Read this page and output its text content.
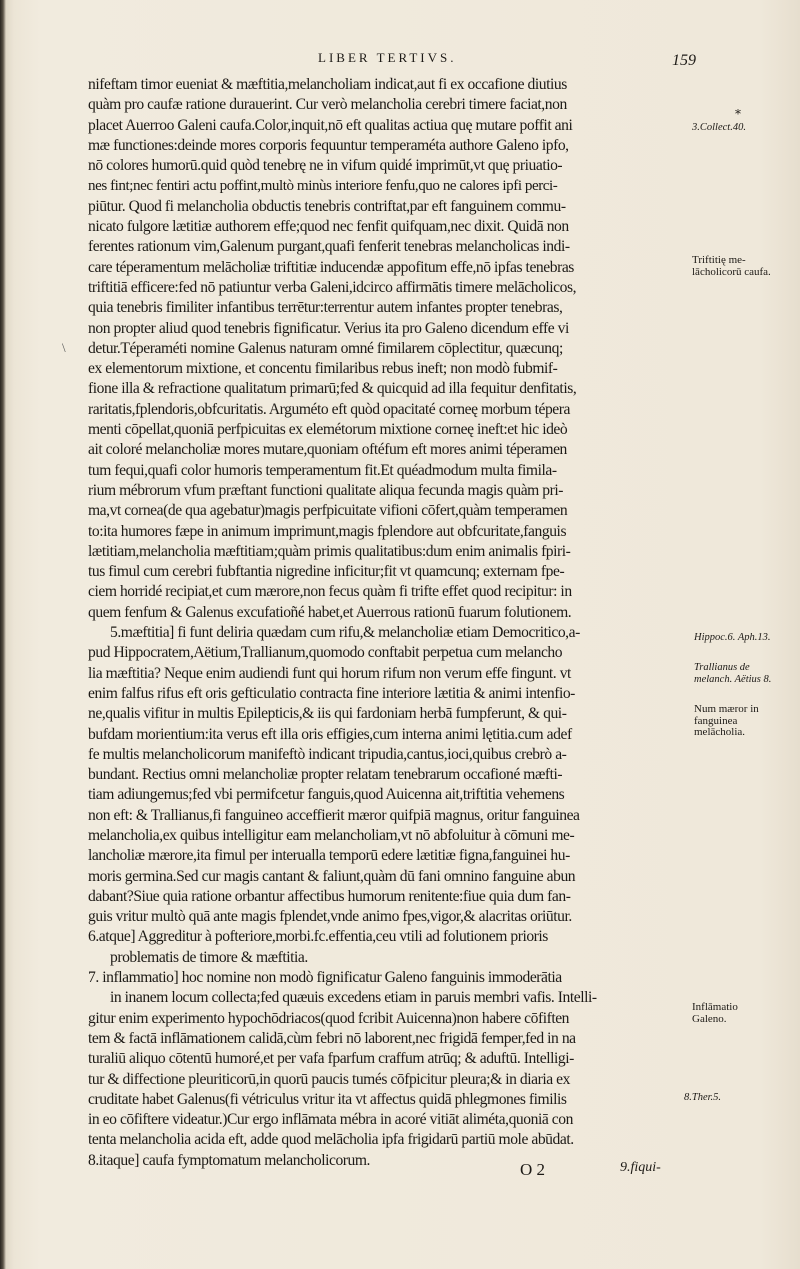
LIBER TERTIVS.	159
⁎
\
nifeftam timor eueniat & mæftitia,melancholiam indicat,aut fi ex occafione diutius
quàm pro caufæ ratione durauerint. Cur verò melancholia cerebri timere faciat,non
placet Auerroo Galeni caufa.Color,inquit,nō eft qualitas actiua quę mutare poffit ani
mæ functiones:deinde mores corporis fequuntur temperaméta authore Galeno ipfo,
nō colores humorū.quid quòd tenebrę ne in vifum quidé imprimūt,vt quę priuatio-
nes fint;nec fentiri actu poffint,multò minùs interiore fenfu,quo ne calores ipfi perci-
piūtur. Quod fi melancholia obductis tenebris contriftat,par eft fanguinem commu-
nicato fulgore lætitiæ authorem effe;quod nec fenfit quifquam,nec dixit. Quidā non
ferentes rationum vim,Galenum purgant,quafi fenferit tenebras melancholicas indi-
care téperamentum melācholiæ triftitiæ inducendæ appofitum effe,nō ipfas tenebras
triftitiā efficere:fed nō patiuntur verba Galeni,idcirco affirmātis timere melācholicos,
quia tenebris fimiliter infantibus terrētur:terrentur autem infantes propter tenebras,
non propter aliud quod tenebris fignificatur. Verius ita pro Galeno dicendum effe vi
detur.Téperaméti nomine Galenus naturam omné fimilarem cōplectitur, quæcunq;
ex elementorum mixtione, et concentu fimilaribus rebus ineft; non modò fubmif-
fione illa & refractione qualitatum primarū;fed & quicquid ad illa fequitur denfitatis,
raritatis,fplendoris,obfcuritatis. Arguméto eft quòd opacitaté corneę morbum tépera
menti cōpellat,quoniā perfpicuitas ex elemétorum mixtione corneę ineft:et hic ideò
ait coloré melancholiæ mores mutare,quoniam oftéfum eft mores animi téperamen
tum fequi,quafi color humoris temperamentum fit.Et quéadmodum multa fimila-
rium mébrorum vfum præftant functioni qualitate aliqua fecunda magis quàm pri-
ma,vt cornea(de qua agebatur)magis perfpicuitate vifioni cōfert,quàm temperamen
to:ita humores fæpe in animum imprimunt,magis fplendore aut obfcuritate,fanguis
lætitiam,melancholia mæftitiam;quàm primis qualitatibus:dum enim animalis fpiri-
tus fimul cum cerebri fubftantia nigredine inficitur;fit vt quamcunq; externam fpe-
ciem horridé recipiat,et cum mærore,non fecus quàm fi trifte effet quod recipitur: in
quem fenfum & Galenus excufatioñé habet,et Auerrous rationū fuarum folutionem.
5.mæftitia] fi funt deliria quædam cum rifu,& melancholiæ etiam Democritico,a-
pud Hippocratem,Aëtium,Trallianum,quomodo conftabit perpetua cum melancho
lia mæftitia? Neque enim audiendi funt qui horum rifum non verum effe fingunt. vt
enim falfus rifus eft oris gefticulatio contracta fine interiore lætitia & animi intenfio-
ne,qualis vifitur in multis Epilepticis,& iis qui fardoniam herbā fumpferunt, & qui-
bufdam morientium:ita verus eft illa oris effigies,cum interna animi lętitia.cum adef
fe multis melancholicorum manifeftò indicant tripudia,cantus,ioci,quibus crebrò a-
bundant. Rectius omni melancholiæ propter relatam tenebrarum occafioné mæfti-
tiam adiungemus;fed vbi permifcetur fanguis,quod Auicenna ait,triftitia vehemens
non eft: & Trallianus,fi fanguineo acceffierit mæror quifpiā magnus, oritur fanguinea
melancholia,ex quibus intelligitur eam melancholiam,vt nō abfoluitur à cōmuni me-
lancholiæ mærore,ita fimul per interualla temporū edere lætitiæ figna,fanguinei hu-
moris germina.Sed cur magis cantant & faliunt,quàm dū fani omnino fanguine abun
dabant?Siue quia ratione orbantur affectibus humorum renitente:fiue quia dum fan-
guis vritur multò quā ante magis fplendet,vnde animo fpes,vigor,& alacritas oriūtur.
6.atque] Aggreditur à pofteriore,morbi.fc.effentia,ceu vtili ad folutionem prioris
problematis de timore & mæftitia.
7. inflammatio] hoc nomine non modò fignificatur Galeno fanguinis immoderātia
in inanem locum collecta;fed quæuis excedens etiam in paruis membri vafis. Intelli-
gitur enim experimento hypochōdriacos(quod fcribit Auicenna)non habere cōfiften
tem & factā inflāmationem calidā,cùm febri nō laborent,nec frigidā femper,fed in na
turaliū aliquo cōtentū humoré,et per vafa fparfum craffum atrūq; & aduftū. Intelligi-
tur & diffectione pleuriticorū,in quorū paucis tumés cōfpicitur pleura;& in diaria ex
cruditate habet Galenus(fi vétriculus vritur ita vt affectus quidā phlegmones fimilis
in eo cōfiftere videatur.)Cur ergo inflāmata mébra in acoré vitiāt aliméta,quoniā con
tenta melancholia acida eft, adde quod melācholia ipfa frigidarū partiū mole abūdat.
8.itaque] caufa fymptomatum melancholicorum.
3.Collect.40.
Triftitię me-lācholicorū caufa.
Hippoc.6. Aph.13.
Trallianus de melanch. Aëtius 8.
Num mæror in fanguinea melācholia.
Inflāmatio Galeno.
8.Ther.5.
O 2	9.fiqui-
